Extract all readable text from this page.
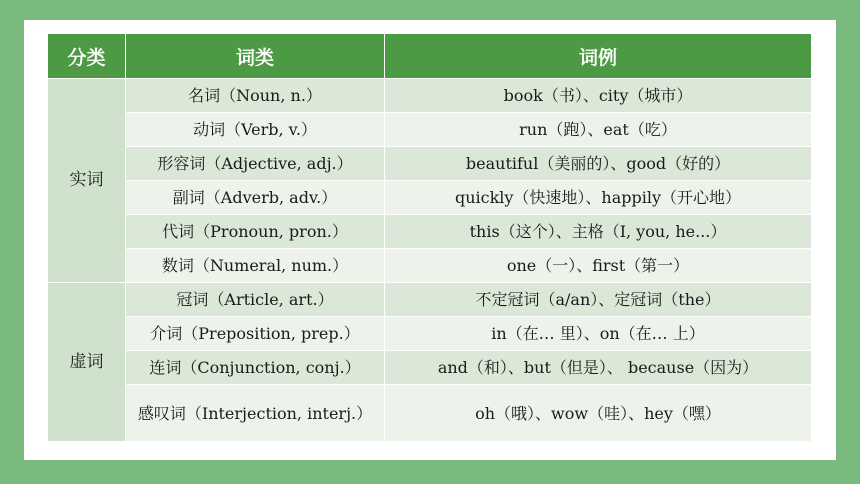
分类	词类	词例
实词	名词（Noun, n.）	book（书）、city（城市）
	动词（Verb, v.）	run（跑）、eat（吃）
	形容词（Adjective, adj.）	beautiful（美丽的）、good（好的）
	副词（Adverb, adv.）	quickly（快速地）、happily（开心地）
	代词（Pronoun, pron.）	this（这个）、主格（I, you, he...）
	数词（Numeral, num.）	one（一）、first（第一）
虚词	冠词（Article, art.）	不定冠词（a/an）、定冠词（the）
	介词（Preposition, prep.）	in（在… 里）、on（在… 上）
	连词（Conjunction, conj.）	and（和）、but（但是）、 because（因为）
	感叹词（Interjection, interj.）	oh（哦）、wow（哇）、hey（嘿）
